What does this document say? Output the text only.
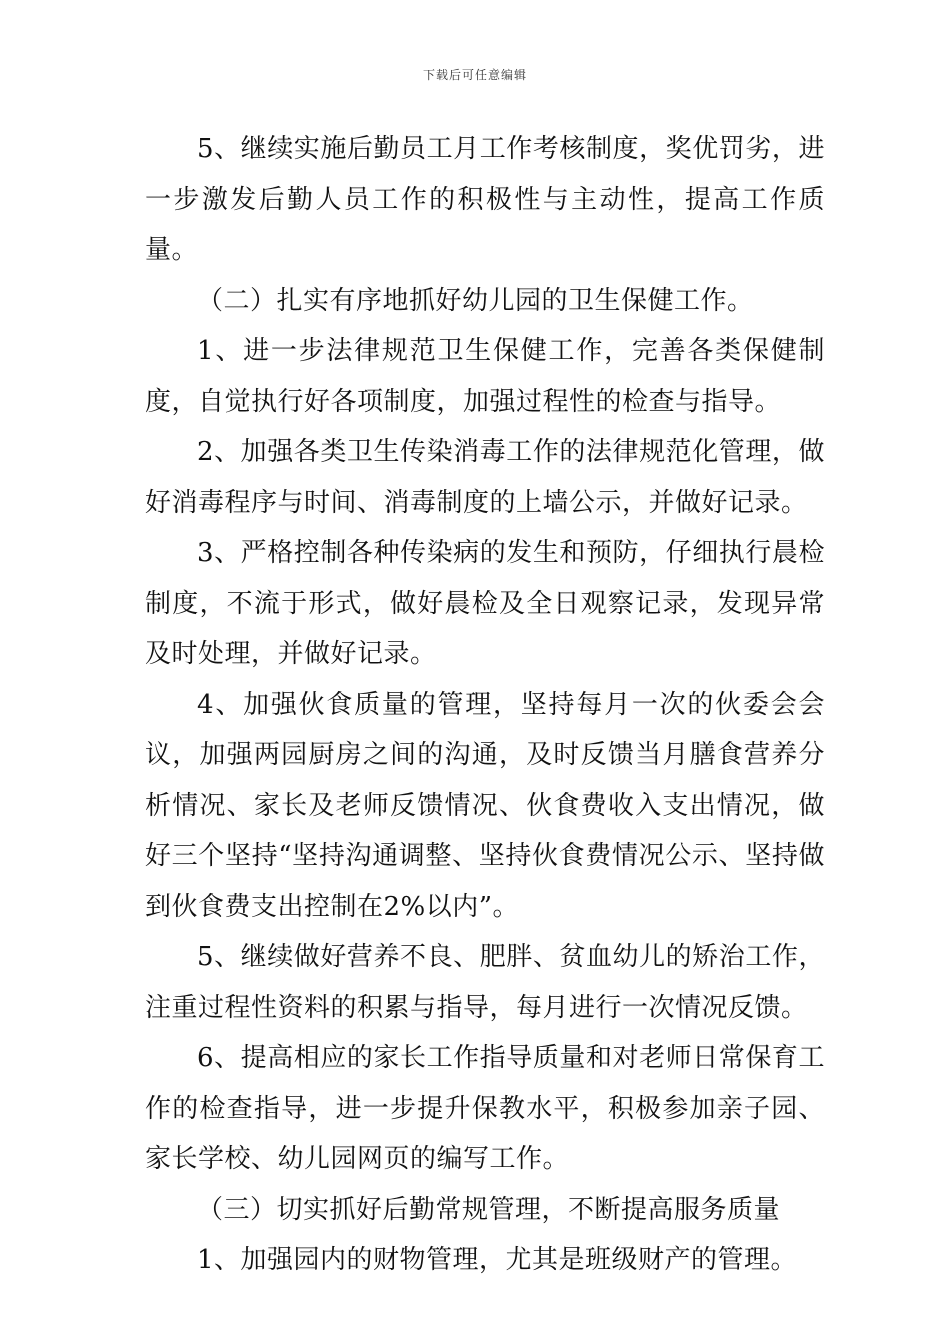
下载后可任意编辑

5、继续实施后勤员工月工作考核制度，奖优罚劣，进一步激发后勤人员工作的积极性与主动性，提高工作质量。

（二）扎实有序地抓好幼儿园的卫生保健工作。

1、进一步法律规范卫生保健工作，完善各类保健制度，自觉执行好各项制度，加强过程性的检查与指导。

2、加强各类卫生传染消毒工作的法律规范化管理，做好消毒程序与时间、消毒制度的上墙公示，并做好记录。

3、严格控制各种传染病的发生和预防，仔细执行晨检制度，不流于形式，做好晨检及全日观察记录，发现异常及时处理，并做好记录。

4、加强伙食质量的管理，坚持每月一次的伙委会会议，加强两园厨房之间的沟通，及时反馈当月膳食营养分析情况、家长及老师反馈情况、伙食费收入支出情况，做好三个坚持“坚持沟通调整、坚持伙食费情况公示、坚持做到伙食费支出控制在2%以内”。

5、继续做好营养不良、肥胖、贫血幼儿的矫治工作，注重过程性资料的积累与指导，每月进行一次情况反馈。

6、提高相应的家长工作指导质量和对老师日常保育工作的检查指导，进一步提升保教水平，积极参加亲子园、家长学校、幼儿园网页的编写工作。

（三）切实抓好后勤常规管理，不断提高服务质量

1、加强园内的财物管理，尤其是班级财产的管理。
